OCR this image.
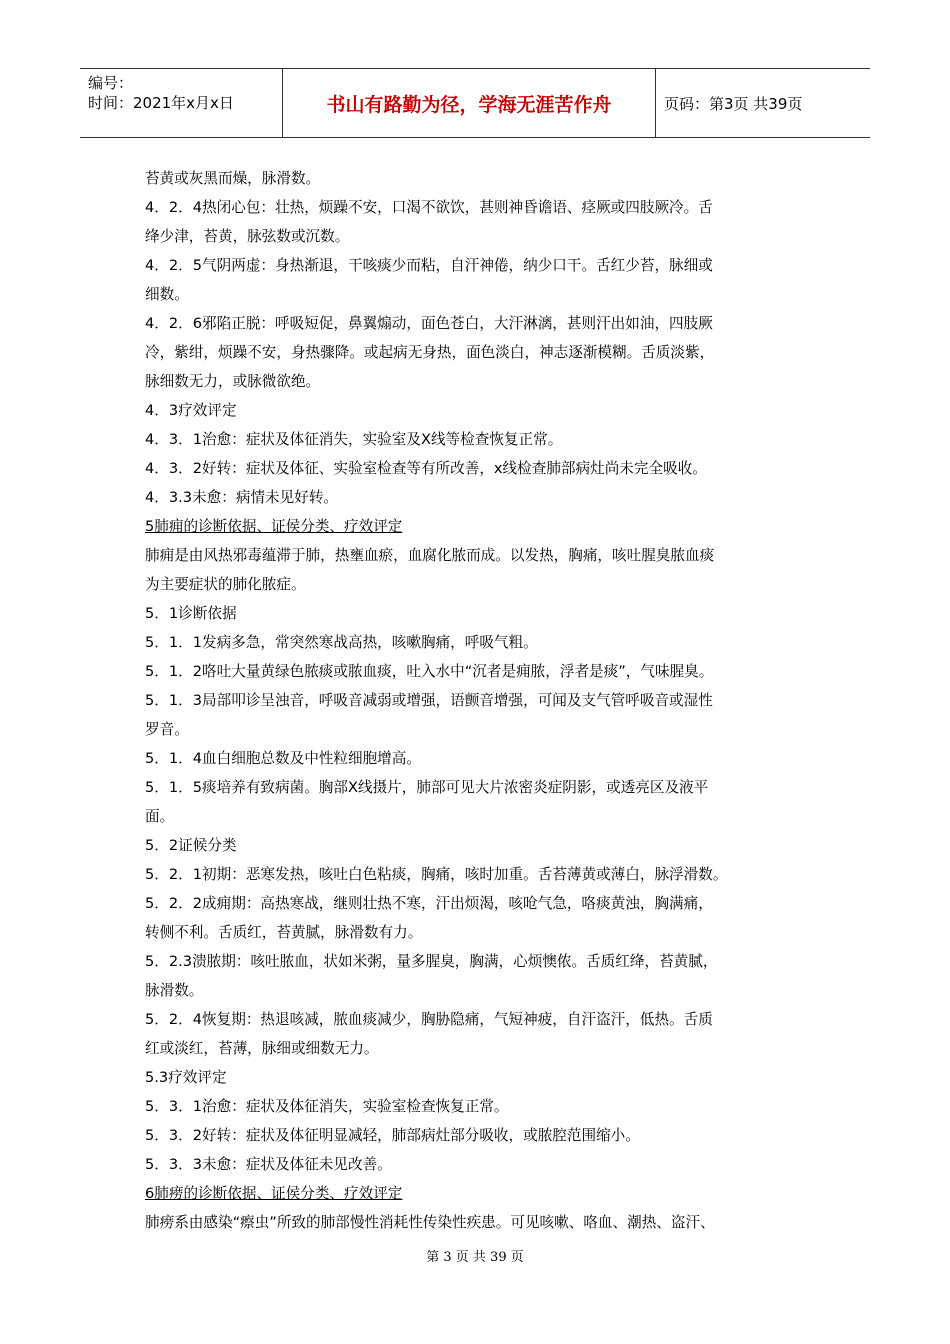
编号：
时间：2021年x月x日	书山有路勤为径，学海无涯苦作舟	页码：第3页 共39页

苔黄或灰黑而燥，脉滑数。

4．2．4热闭心包：壮热，烦躁不安，口渴不欲饮，甚则神昏谵语、痉厥或四肢厥冷。舌

绛少津，苔黄，脉弦数或沉数。

4．2．5气阴两虚：身热渐退，干咳痰少而粘，自汗神倦，纳少口干。舌红少苔，脉细或

细数。

4．2．6邪陷正脱：呼吸短促，鼻翼煽动，面色苍白，大汗淋漓，甚则汗出如油，四肢厥

冷，紫绀，烦躁不安，身热骤降。或起病无身热，面色淡白，神志逐渐模糊。舌质淡紫，

脉细数无力，或脉微欲绝。

4．3疗效评定

4．3．1治愈：症状及体征消失，实验室及X线等检查恢复正常。

4．3．2好转：症状及体征、实验室检查等有所改善，x线检查肺部病灶尚未完全吸收。

4．3.3未愈：病情未见好转。

5肺痈的诊断依据、证侯分类、疗效评定

肺痈是由风热邪毒蕴滞于肺，热壅血瘀，血腐化脓而成。以发热，胸痛，咳吐腥臭脓血痰

为主要症状的肺化脓症。

5．1诊断依据

5．1．1发病多急，常突然寒战高热，咳嗽胸痛，呼吸气粗。

5．1．2咯吐大量黄绿色脓痰或脓血痰，吐入水中“沉者是痈脓，浮者是痰”，气味腥臭。

5．1．3局部叩诊呈浊音，呼吸音减弱或增强，语颤音增强，可闻及支气管呼吸音或湿性

罗音。

5．1．4血白细胞总数及中性粒细胞增高。

5．1．5痰培养有致病菌。胸部X线摄片，肺部可见大片浓密炎症阴影，或透亮区及液平

面。

5．2证候分类

5．2．1初期：恶寒发热，咳吐白色粘痰，胸痛，咳时加重。舌苔薄黄或薄白，脉浮滑数。

5．2．2成痈期：高热寒战，继则壮热不寒，汗出烦渴，咳呛气急，咯痰黄浊，胸满痛，

转侧不利。舌质红，苔黄腻，脉滑数有力。

5．2.3溃脓期：咳吐脓血，状如米粥，量多腥臭，胸满，心烦懊侬。舌质红绛，苔黄腻，

脉滑数。

5．2．4恢复期：热退咳减，脓血痰减少，胸胁隐痛，气短神疲，自汗盗汗，低热。舌质

红或淡红，苔薄，脉细或细数无力。

5.3疗效评定

5．3．1治愈：症状及体征消失，实验室检查恢复正常。

5．3．2好转：症状及体征明显减轻，肺部病灶部分吸收，或脓腔范围缩小。

5．3．3未愈：症状及体征未见改善。

6肺痨的诊断依据、证侯分类、疗效评定

肺痨系由感染“瘵虫”所致的肺部慢性消耗性传染性疾患。可见咳嗽、咯血、潮热、盗汗、

第 3 页 共 39 页
